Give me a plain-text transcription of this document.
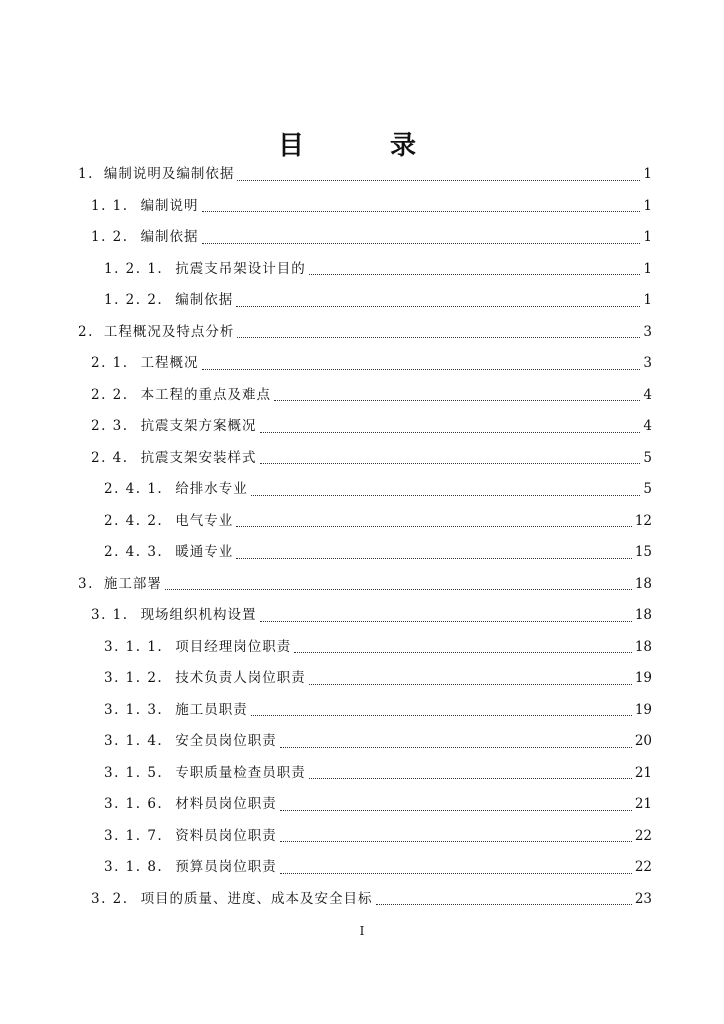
目　录
1. 编制说明及编制依据	1
1. 1. 编制说明	1
1. 2. 编制依据	1
1. 2. 1. 抗震支吊架设计目的	1
1. 2. 2. 编制依据	1
2. 工程概况及特点分析	3
2. 1. 工程概况	3
2. 2. 本工程的重点及难点	4
2. 3. 抗震支架方案概况	4
2. 4. 抗震支架安装样式	5
2. 4. 1. 给排水专业	5
2. 4. 2. 电气专业	12
2. 4. 3. 暖通专业	15
3. 施工部署	18
3. 1. 现场组织机构设置	18
3. 1. 1. 项目经理岗位职责	18
3. 1. 2. 技术负责人岗位职责	19
3. 1. 3. 施工员职责	19
3. 1. 4. 安全员岗位职责	20
3. 1. 5. 专职质量检查员职责	21
3. 1. 6. 材料员岗位职责	21
3. 1. 7. 资料员岗位职责	22
3. 1. 8. 预算员岗位职责	22
3. 2. 项目的质量、进度、成本及安全目标	23
I
